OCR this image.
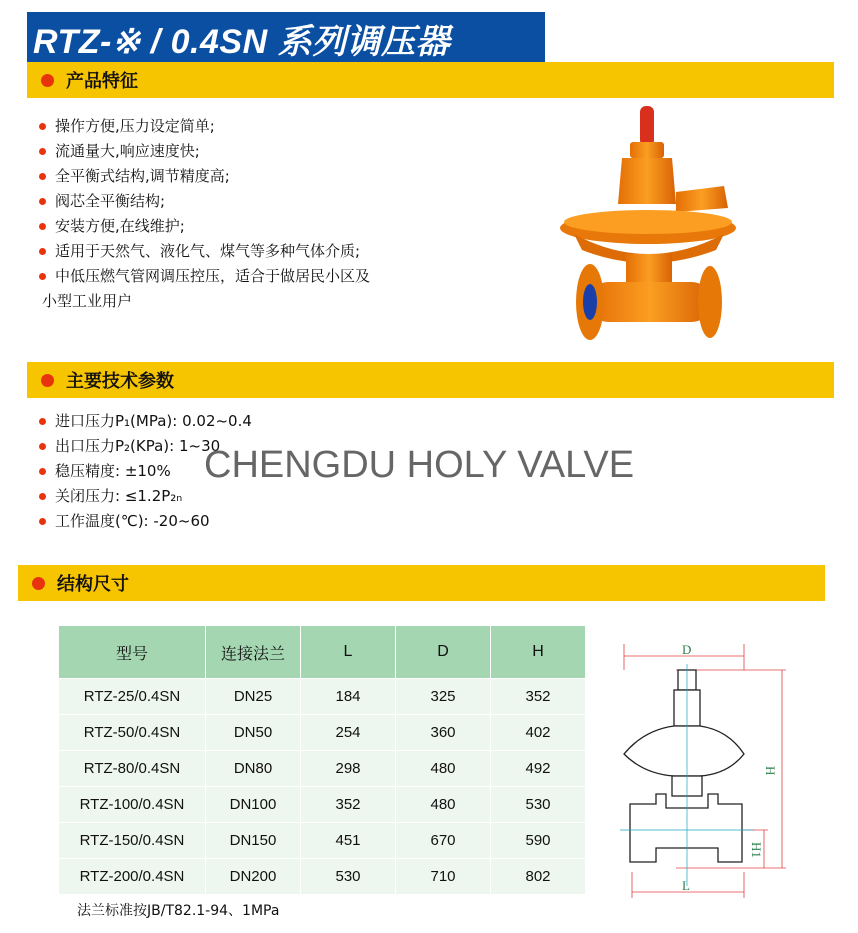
RTZ-※ / 0.4SN 系列调压器
产品特征
操作方便,压力设定简单;
流通量大,响应速度快;
全平衡式结构,调节精度高;
阀芯全平衡结构;
安装方便,在线维护;
适用于天然气、液化气、煤气等多种气体介质;
中低压燃气管网调压控压，适合于做居民小区及
小型工业用户
主要技术参数
进口压力P₁(MPa): 0.02~0.4
出口压力P₂(KPa): 1~30
稳压精度: ±10%
关闭压力: ≤1.2P₂ₙ
工作温度(℃): -20~60
CHENGDU HOLY VALVE
结构尺寸
型号	连接法兰	L	D	H
RTZ-25/0.4SN	DN25	184	325	352
RTZ-50/0.4SN	DN50	254	360	402
RTZ-80/0.4SN	DN80	298	480	492
RTZ-100/0.4SN	DN100	352	480	530
RTZ-150/0.4SN	DN150	451	670	590
RTZ-200/0.4SN	DN200	530	710	802
法兰标准按JB/T82.1-94、1MPa
D
H
H1
L
